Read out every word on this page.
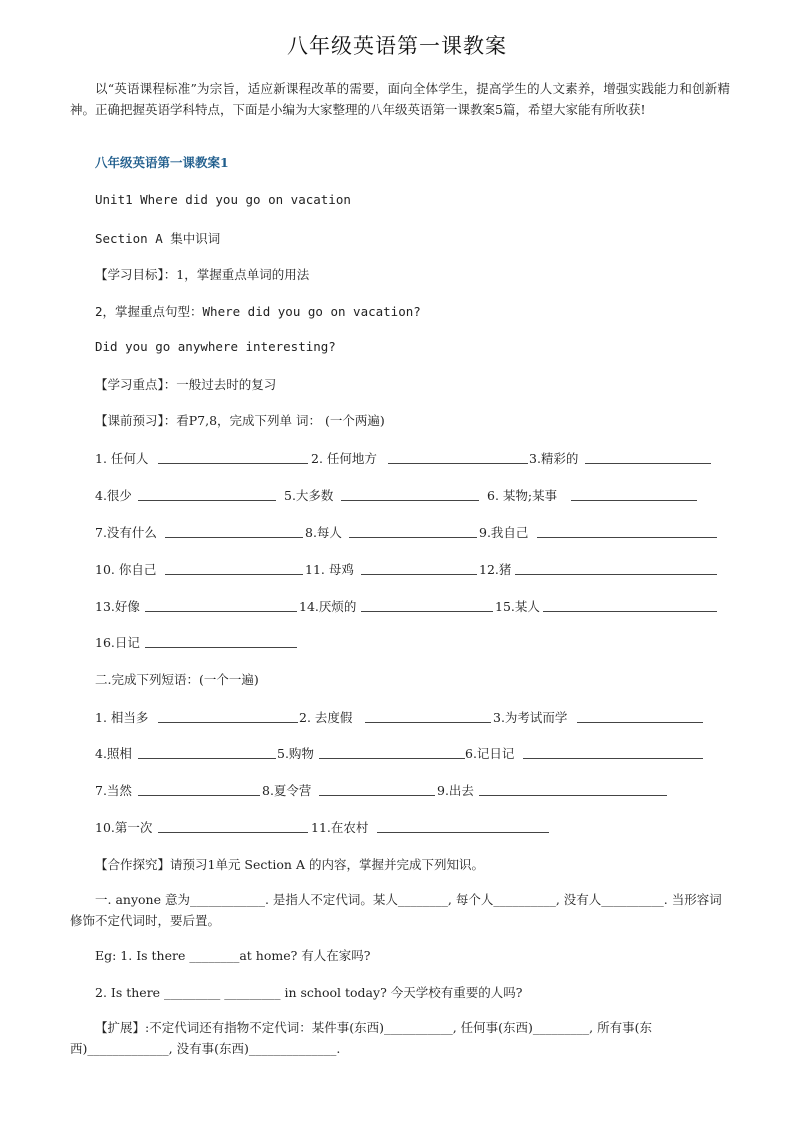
八年级英语第一课教案

以“英语课程标准”为宗旨，适应新课程改革的需要，面向全体学生，提高学生的人文素养，增强实践能力和创新精神。正确把握英语学科特点，下面是小编为大家整理的八年级英语第一课教案5篇，希望大家能有所收获!

八年级英语第一课教案1
Unit1 Where did you go on vacation
Section A 集中识词
【学习目标】：1，掌握重点单词的用法
2，掌握重点句型：Where did you go on vacation?
Did you go anywhere interesting?
【学习重点】：一般过去时的复习
【课前预习】：看P7,8，完成下列单 词： (一个两遍)
1. 任何人	2. 任何地方	3.精彩的
4.很少	5.大多数	6. 某物;某事
7.没有什么	8.每人	9.我自己
10. 你自己	11. 母鸡	12.猪
13.好像	14.厌烦的	15.某人
16.日记
二.完成下列短语：(一个一遍)
1. 相当多	2. 去度假	3.为考试而学
4.照相	5.购物	6.记日记
7.当然	8.夏令营	9.出去
10.第一次	11.在农村
【合作探究】请预习1单元 Section A 的内容，掌握并完成下列知识。

一. anyone 意为____________. 是指人不定代词。某人________, 每个人__________, 没有人__________. 当形容词修饰不定代词时，要后置。

Eg: 1. Is there ________at home? 有人在家吗?
2. Is there _________ _________ in school today? 今天学校有重要的人吗?

【扩展】:不定代词还有指物不定代词：某件事(东西)___________, 任何事(东西)_________, 所有事(东西)_____________, 没有事(东西)______________.
